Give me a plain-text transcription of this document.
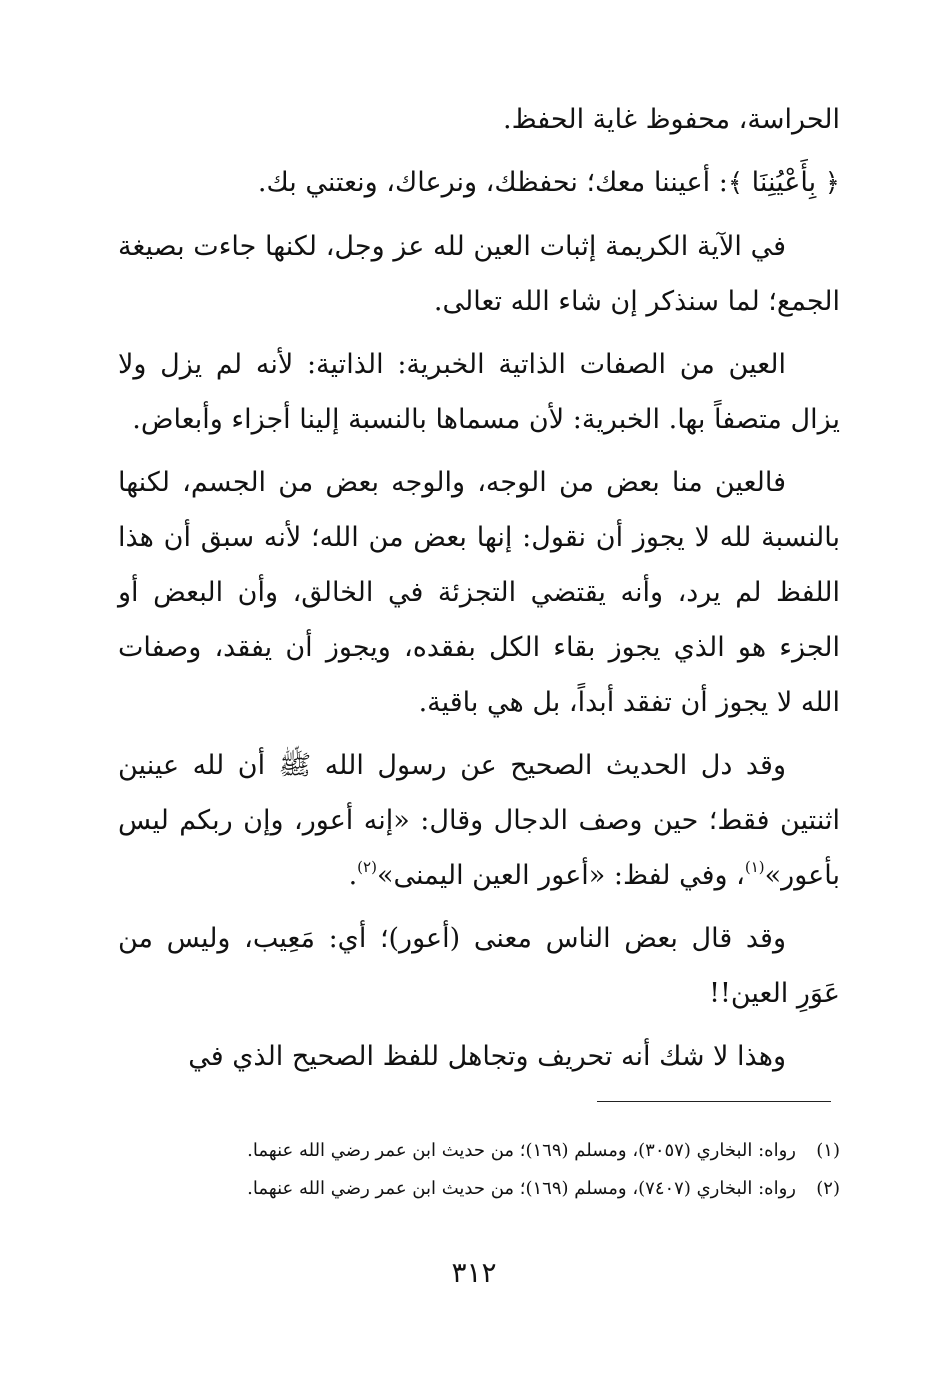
الحراسة، محفوظ غاية الحفظ.

﴿ بِأَعْيُنِنَا ﴾: أعيننا معك؛ نحفظك، ونرعاك، ونعتني بك.

في الآية الكريمة إثبات العين لله عز وجل، لكنها جاءت بصيغة الجمع؛ لما سنذكر إن شاء الله تعالى.

العين من الصفات الذاتية الخبرية: الذاتية: لأنه لم يزل ولا يزال متصفاً بها. الخبرية: لأن مسماها بالنسبة إلينا أجزاء وأبعاض.

فالعين منا بعض من الوجه، والوجه بعض من الجسم، لكنها بالنسبة لله لا يجوز أن نقول: إنها بعض من الله؛ لأنه سبق أن هذا اللفظ لم يرد، وأنه يقتضي التجزئة في الخالق، وأن البعض أو الجزء هو الذي يجوز بقاء الكل بفقده، ويجوز أن يفقد، وصفات الله لا يجوز أن تفقد أبداً، بل هي باقية.

وقد دل الحديث الصحيح عن رسول الله ﷺ أن لله عينين اثنتين فقط؛ حين وصف الدجال وقال: «إنه أعور، وإن ربكم ليس بأعور»$^{(١)}$، وفي لفظ: «أعور العين اليمنى»$^{(٢)}$.

وقد قال بعض الناس معنى (أعور)؛ أي: مَعِيب، وليس من عَوَرِ العين!!

وهذا لا شك أنه تحريف وتجاهل للفظ الصحيح الذي في

(١)رواه: البخاري (٣٠٥٧)، ومسلم (١٦٩)؛ من حديث ابن عمر رضي الله عنهما.

(٢)رواه: البخاري (٧٤٠٧)، ومسلم (١٦٩)؛ من حديث ابن عمر رضي الله عنهما.

٣١٢
